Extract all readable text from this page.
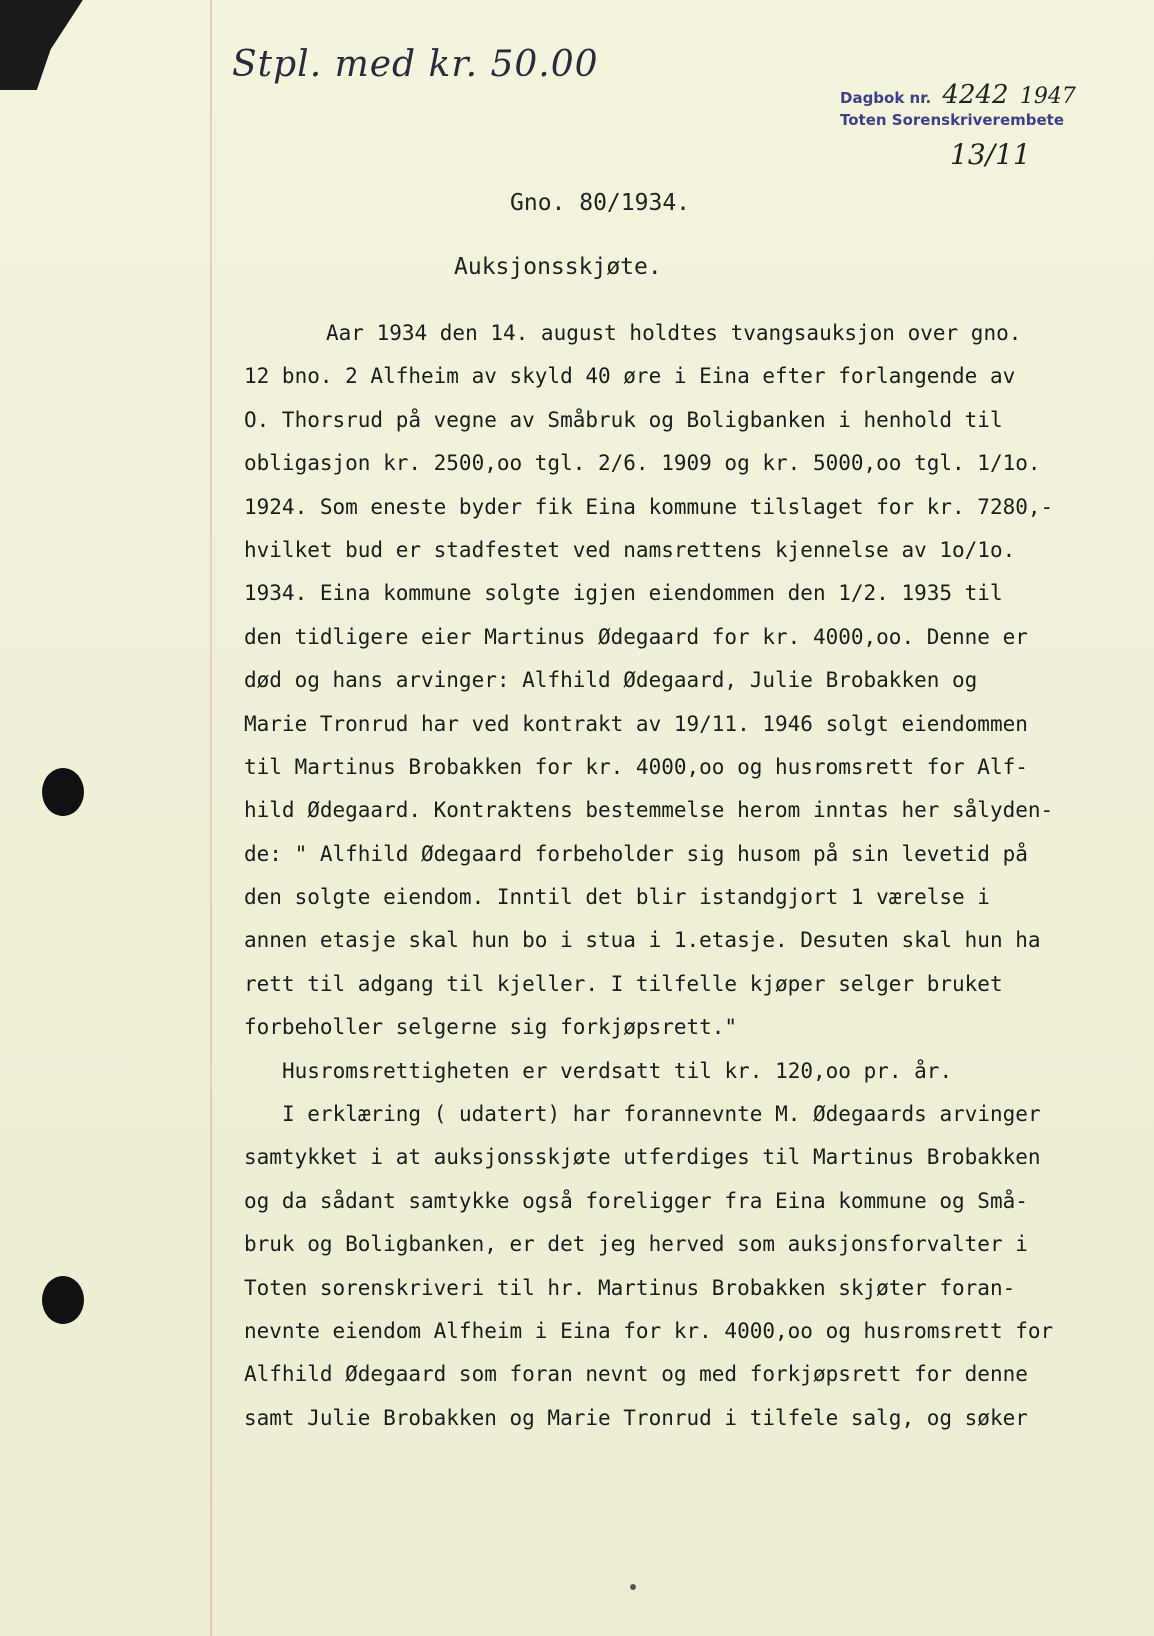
Stpl. med kr. 50.00
Dagbok nr. 4242 1947
Toten Sorenskriverembete
13/11
Gno. 80/1934.
Auksjonsskjøte.
Aar 1934 den 14. august holdtes tvangsauksjon over gno.
12 bno. 2 Alfheim av skyld 40 øre i Eina efter forlangende av
O. Thorsrud på vegne av Småbruk og Boligbanken i henhold til
obligasjon kr. 2500,oo tgl. 2/6. 1909 og kr. 5000,oo tgl. 1/1o.
1924. Som eneste byder fik Eina kommune tilslaget for kr. 7280,-
hvilket bud er stadfestet ved namsrettens kjennelse av 1o/1o.
1934. Eina kommune solgte igjen eiendommen den 1/2. 1935 til
den tidligere eier Martinus Ødegaard for kr. 4000,oo. Denne er
død og hans arvinger: Alfhild Ødegaard, Julie Brobakken og
Marie Tronrud har ved kontrakt av 19/11. 1946 solgt eiendommen
til Martinus Brobakken for kr. 4000,oo og husromsrett for Alf-
hild Ødegaard. Kontraktens bestemmelse herom inntas her sålyden-
de: " Alfhild Ødegaard forbeholder sig husom på sin levetid på
den solgte eiendom. Inntil det blir istandgjort 1 værelse i
annen etasje skal hun bo i stua i 1.etasje. Desuten skal hun ha
rett til adgang til kjeller. I tilfelle kjøper selger bruket
forbeholler selgerne sig forkjøpsrett."
Husromsrettigheten er verdsatt til kr. 120,oo pr. år.
I erklæring ( udatert) har forannevnte M. Ødegaards arvinger
samtykket i at auksjonsskjøte utferdiges til Martinus Brobakken
og da sådant samtykke også foreligger fra Eina kommune og Små-
bruk og Boligbanken, er det jeg herved som auksjonsforvalter i
Toten sorenskriveri til hr. Martinus Brobakken skjøter foran-
nevnte eiendom Alfheim i Eina for kr. 4000,oo og husromsrett for
Alfhild Ødegaard som foran nevnt og med forkjøpsrett for denne
samt Julie Brobakken og Marie Tronrud i tilfele salg, og søker
